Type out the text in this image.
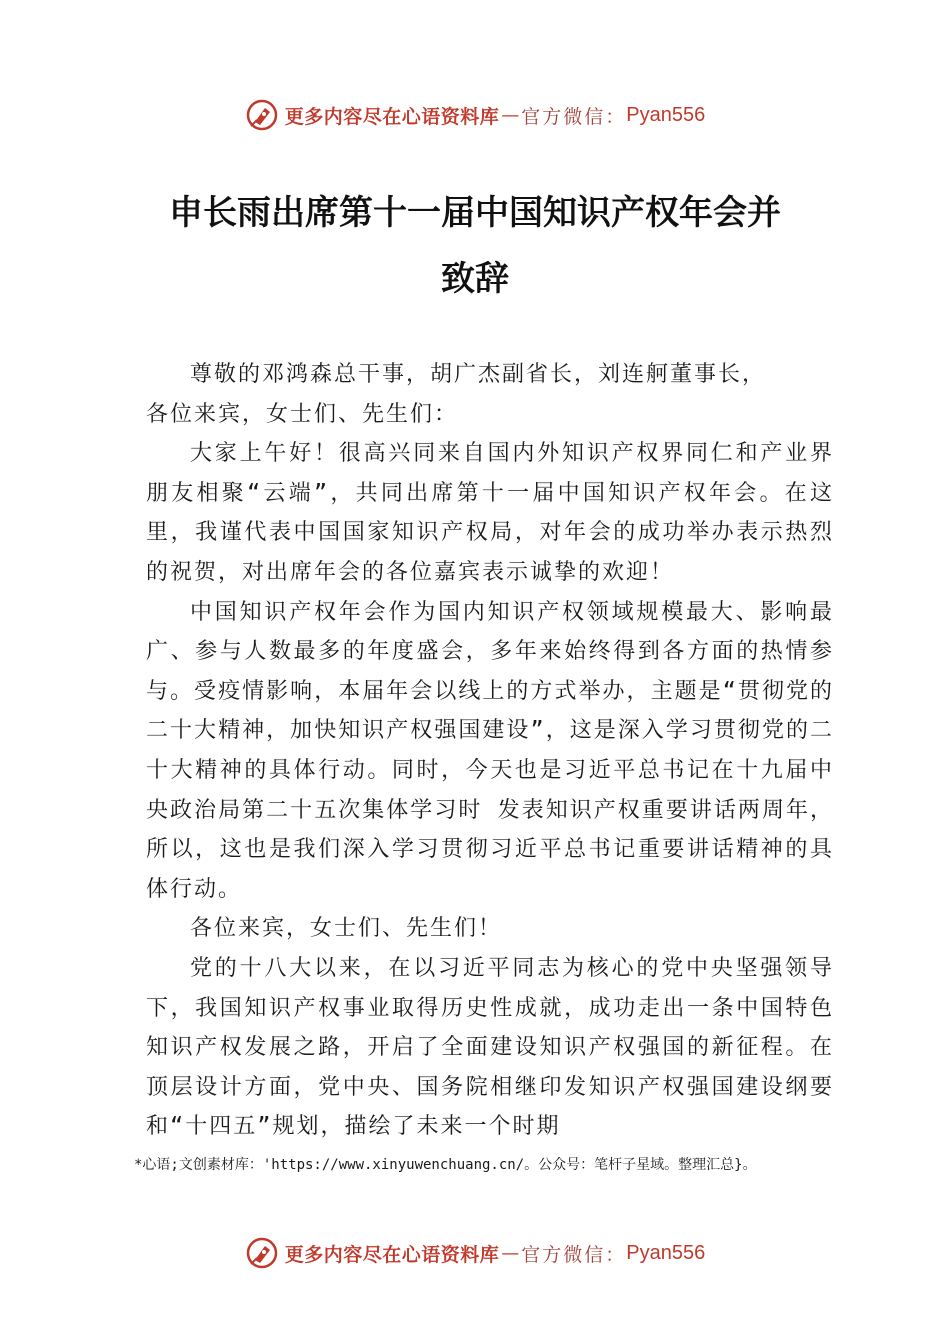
更多内容尽在心语资料库 — 官方微信： Pyan556
申长雨出席第十一届中国知识产权年会并
致辞

尊敬的邓鸿森总干事，胡广杰副省长，刘连舸董事长，

各位来宾，女士们、先生们：

大家上午好！很高兴同来自国内外知识产权界同仁和产业界朋友相聚“云端”，共同出席第十一届中国知识产权年会。在这里，我谨代表中国国家知识产权局，对年会的成功举办表示热烈的祝贺，对出席年会的各位嘉宾表示诚挚的欢迎！

中国知识产权年会作为国内知识产权领域规模最大、影响最广、参与人数最多的年度盛会，多年来始终得到各方面的热情参与。受疫情影响，本届年会以线上的方式举办，主题是“贯彻党的二十大精神，加快知识产权强国建设”，这是深入学习贯彻党的二十大精神的具体行动。同时，今天也是习近平总书记在十九届中央政治局第二十五次集体学习时 发表知识产权重要讲话两周年，所以，这也是我们深入学习贯彻习近平总书记重要讲话精神的具体行动。

各位来宾，女士们、先生们！

党的十八大以来，在以习近平同志为核心的党中央坚强领导下，我国知识产权事业取得历史性成就，成功走出一条中国特色知识产权发展之路，开启了全面建设知识产权强国的新征程。在顶层设计方面，党中央、国务院相继印发知识产权强国建设纲要和“十四五”规划，描绘了未来一个时期

*心语;文创素材库：'https://www.xinyuwenchuang.cn/。公众号：笔杆子星域。整理汇总}。
更多内容尽在心语资料库 — 官方微信： Pyan556
